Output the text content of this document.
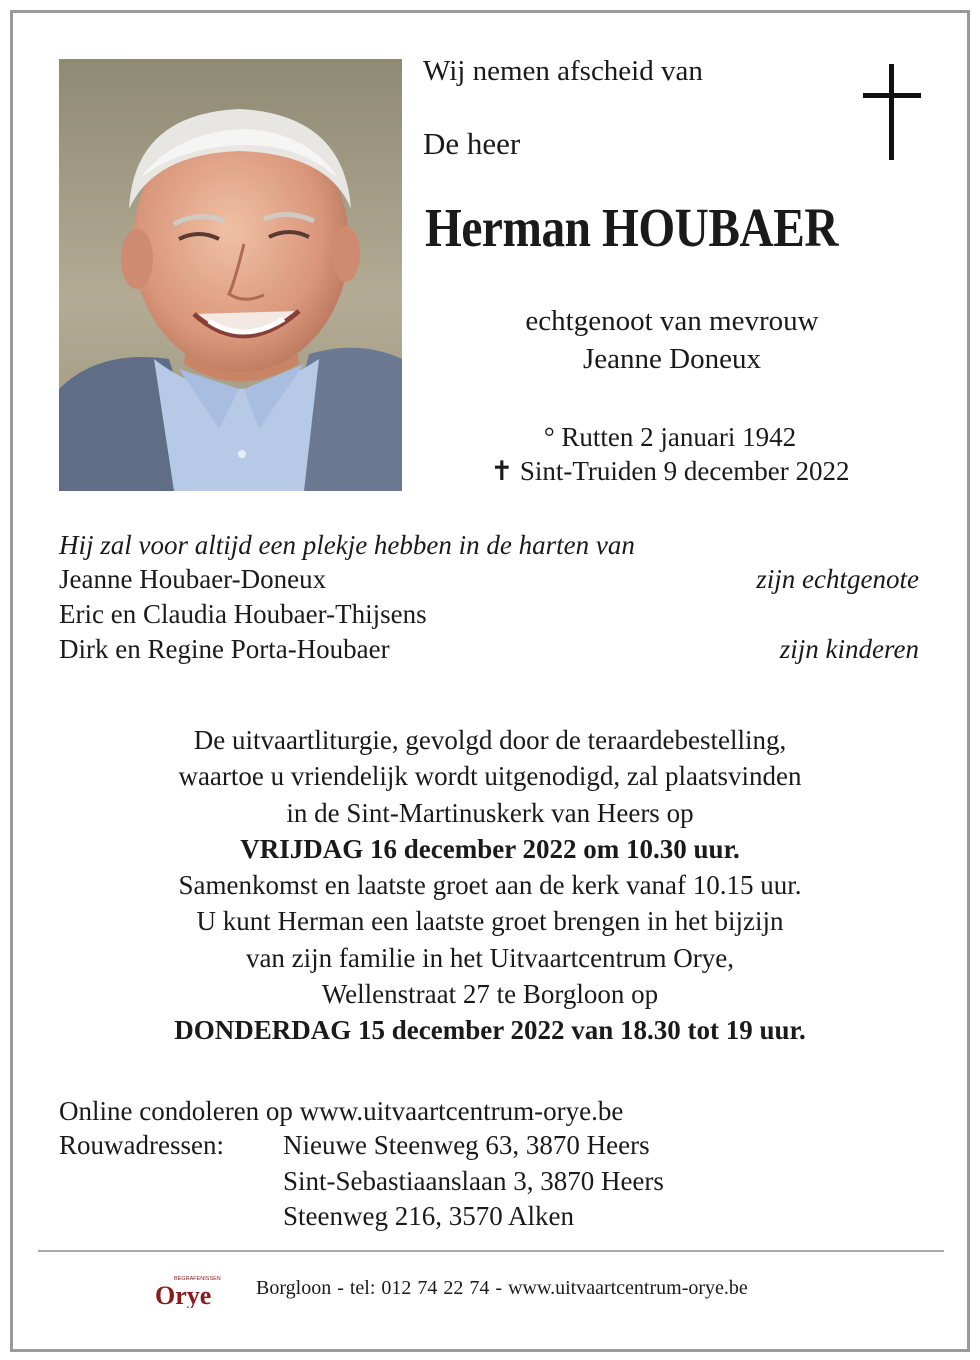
Wij nemen afscheid van
De heer
Herman HOUBAER
echtgenoot van mevrouw
Jeanne Doneux
° Rutten 2 januari 1942
✝ Sint-Truiden 9 december 2022
Hij zal voor altijd een plekje hebben in de harten van
Jeanne Houbaer-Doneux	zijn echtgenote
Eric en Claudia Houbaer-Thijsens
Dirk en Regine Porta-Houbaer	zijn kinderen
De uitvaartliturgie, gevolgd door de teraardebestelling,
waartoe u vriendelijk wordt uitgenodigd, zal plaatsvinden
in de Sint-Martinuskerk van Heers op
VRIJDAG 16 december 2022 om 10.30 uur.
Samenkomst en laatste groet aan de kerk vanaf 10.15 uur.
U kunt Herman een laatste groet brengen in het bijzijn
van zijn familie in het Uitvaartcentrum Orye,
Wellenstraat 27 te Borgloon op
DONDERDAG 15 december 2022 van 18.30 tot 19 uur.
Online condoleren op www.uitvaartcentrum-orye.be
Rouwadressen: Nieuwe Steenweg 63, 3870 Heers
Sint-Sebastiaanslaan 3, 3870 Heers
Steenweg 216, 3570 Alken
BEGRAFENISSEN
Orye Borgloon - tel: 012 74 22 74 - www.uitvaartcentrum-orye.be
